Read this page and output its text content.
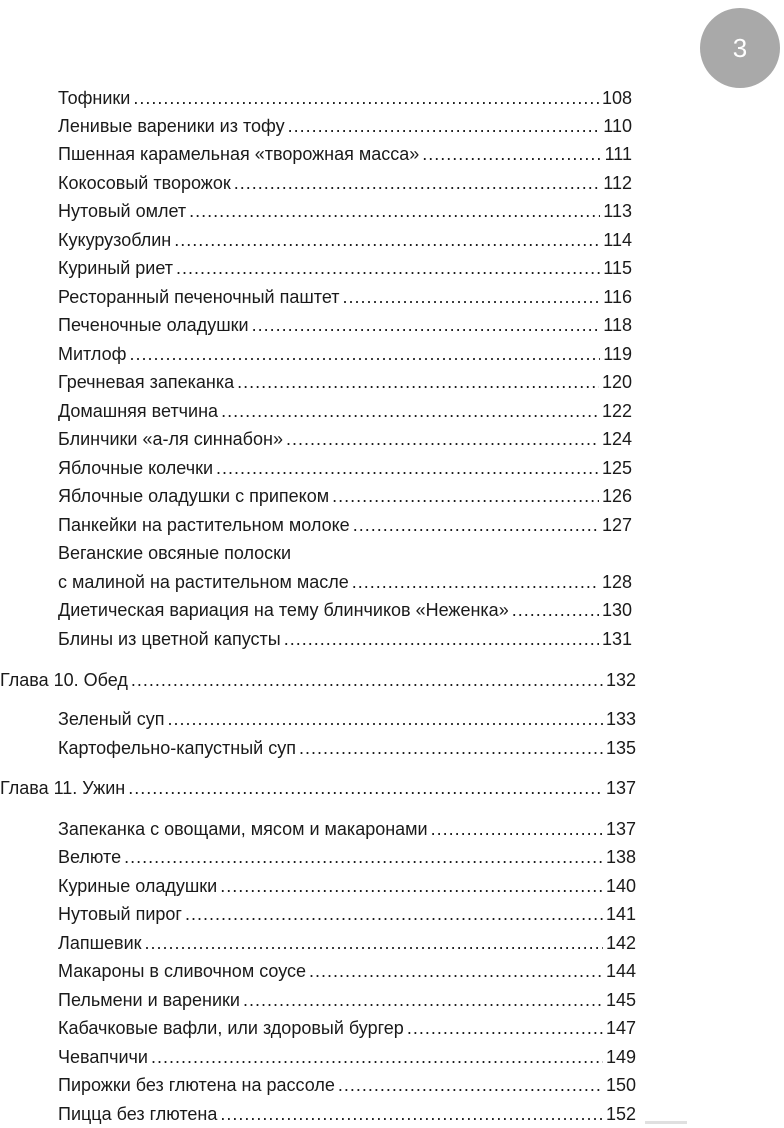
3
Тофники .....	108
Ленивые вареники из тофу .....	110
Пшенная карамельная «творожная масса» .....	111
Кокосовый творожок .....	112
Нутовый омлет .....	113
Кукурузоблин .....	114
Куриный риет .....	115
Ресторанный печеночный паштет .....	116
Печеночные оладушки .....	118
Митлоф .....	119
Гречневая запеканка .....	120
Домашняя ветчина .....	122
Блинчики «а-ля синнабон» .....	124
Яблочные колечки .....	125
Яблочные оладушки с припеком .....	126
Панкейки на растительном молоке .....	127
Веганские овсяные полоски
с малиной на растительном масле .....	128
Диетическая вариация на тему блинчиков «Неженка» .....	130
Блины из цветной капусты .....	131
Глава 10. Обед .....	132
Зеленый суп .....	133
Картофельно-капустный суп .....	135
Глава 11. Ужин .....	137
Запеканка с овощами, мясом и макаронами .....	137
Велюте .....	138
Куриные оладушки .....	140
Нутовый пирог .....	141
Лапшевик .....	142
Макароны в сливочном соусе .....	144
Пельмени и вареники .....	145
Кабачковые вафли, или здоровый бургер .....	147
Чевапчичи .....	149
Пирожки без глютена на рассоле .....	150
Пицца без глютена .....	152
